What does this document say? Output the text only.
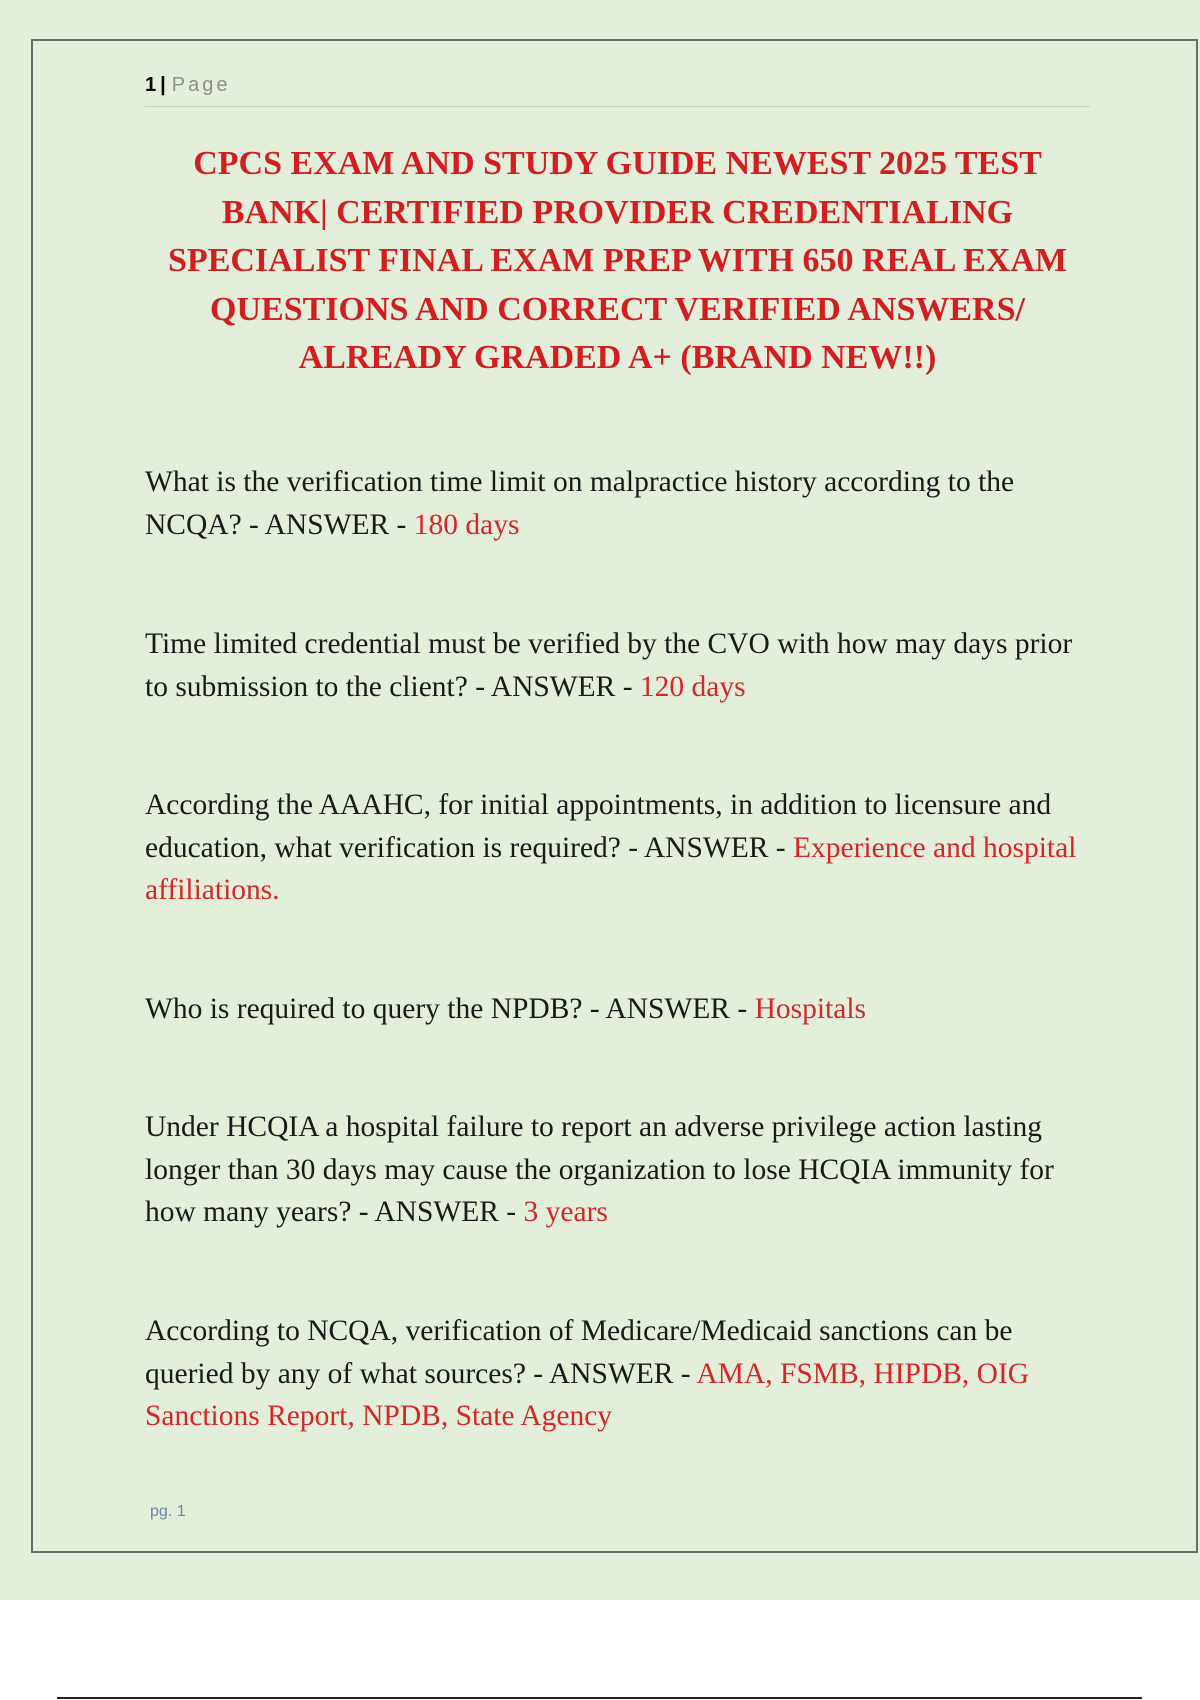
1 | Page
CPCS EXAM AND STUDY GUIDE NEWEST 2025 TEST BANK| CERTIFIED PROVIDER CREDENTIALING SPECIALIST FINAL EXAM PREP WITH 650 REAL EXAM QUESTIONS AND CORRECT VERIFIED ANSWERS/ ALREADY GRADED A+ (BRAND NEW!!)

What is the verification time limit on malpractice history according to the NCQA? - ANSWER - 180 days

Time limited credential must be verified by the CVO with how may days prior to submission to the client? - ANSWER - 120 days

According the AAAHC, for initial appointments, in addition to licensure and education, what verification is required? - ANSWER - Experience and hospital affiliations.

Who is required to query the NPDB? - ANSWER - Hospitals

Under HCQIA a hospital failure to report an adverse privilege action lasting longer than 30 days may cause the organization to lose HCQIA immunity for how many years? - ANSWER - 3 years

According to NCQA, verification of Medicare/Medicaid sanctions can be queried by any of what sources? - ANSWER - AMA, FSMB, HIPDB, OIG Sanctions Report, NPDB, State Agency

pg. 1
